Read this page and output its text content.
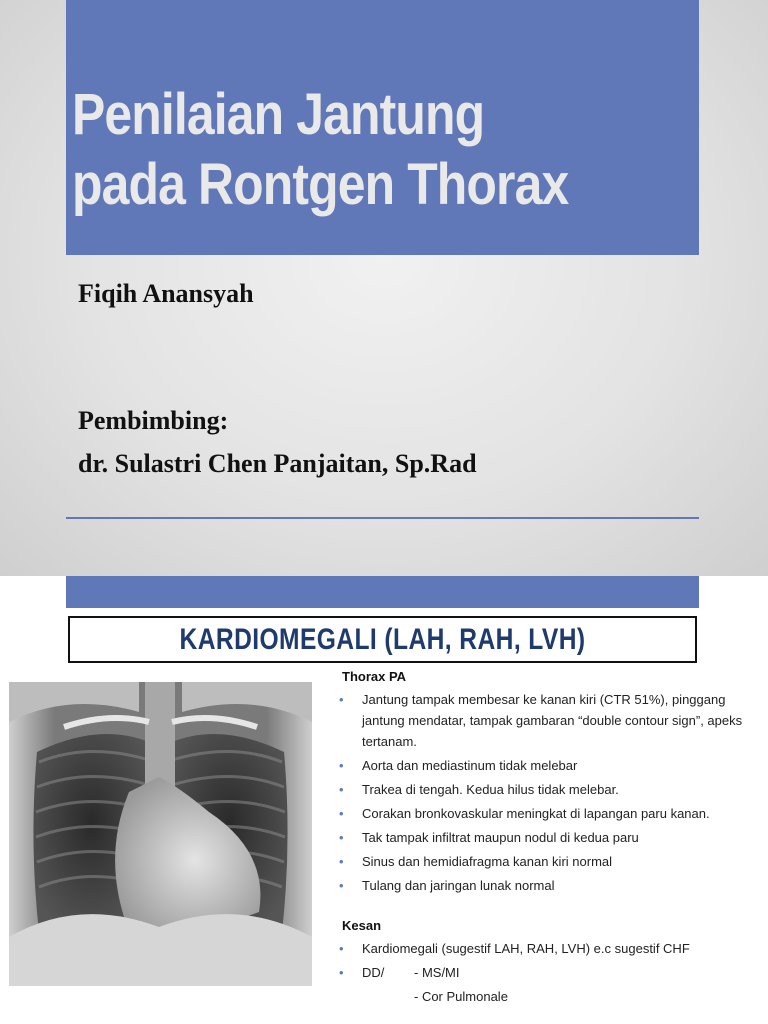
Penilaian Jantung
pada Rontgen Thorax
Fiqih Anansyah
Pembimbing:
dr. Sulastri Chen Panjaitan, Sp.Rad
KARDIOMEGALI (LAH, RAH, LVH)
Thorax PA
• Jantung tampak membesar ke kanan kiri (CTR 51%), pinggang jantung mendatar, tampak gambaran “double contour sign”, apeks tertanam.
• Aorta dan mediastinum tidak melebar
• Trakea di tengah. Kedua hilus tidak melebar.
• Corakan bronkovaskular meningkat di lapangan paru kanan.
• Tak tampak infiltrat maupun nodul di kedua paru
• Sinus dan hemidiafragma kanan kiri normal
• Tulang dan jaringan lunak normal
Kesan
• Kardiomegali (sugestif LAH, RAH, LVH) e.c sugestif CHF
• DD/	- MS/MI
- Cor Pulmonale
